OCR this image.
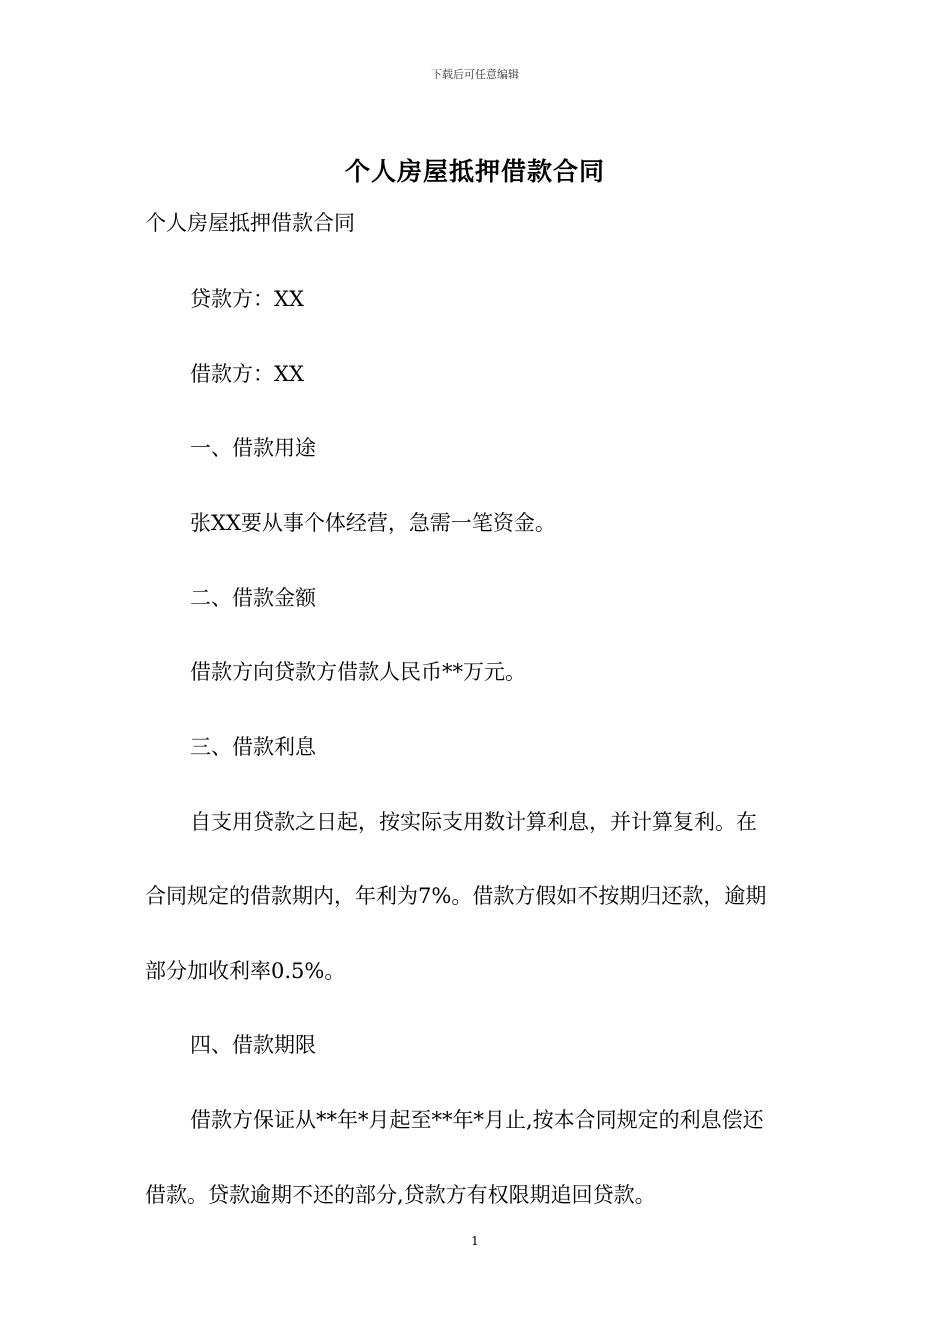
下载后可任意编辑
个人房屋抵押借款合同
个人房屋抵押借款合同
贷款方：XX
借款方：XX
一、借款用途
张XX要从事个体经营，急需一笔资金。
二、借款金额
借款方向贷款方借款人民币**万元。
三、借款利息
自支用贷款之日起，按实际支用数计算利息，并计算复利。在
合同规定的借款期内，年利为7%。借款方假如不按期归还款，逾期
部分加收利率0.5%。
四、借款期限
借款方保证从**年*月起至**年*月止,按本合同规定的利息偿还
借款。贷款逾期不还的部分,贷款方有权限期追回贷款。
1
